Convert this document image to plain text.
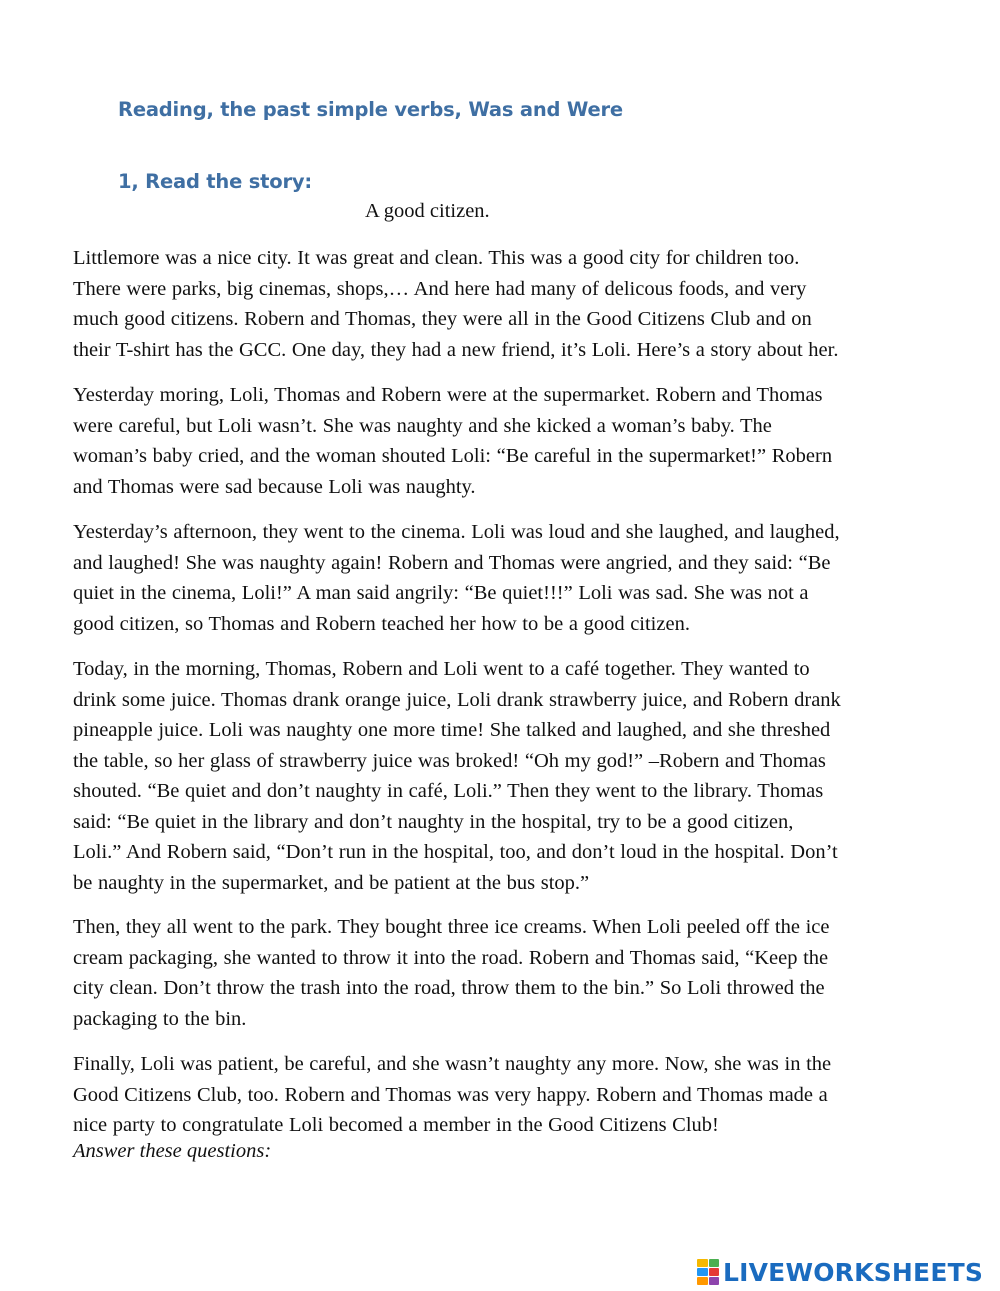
Reading, the past simple verbs, Was and Were
1, Read the story:

A good citizen.

Littlemore was a nice city. It was great and clean. This was a good city for children too.
There were parks, big cinemas, shops,… And here had many of delicous foods, and very
much good citizens. Robern and Thomas, they were all in the Good Citizens Club and on
their T-shirt has the GCC. One day, they had a new friend, it’s Loli. Here’s a story about her.

Yesterday moring, Loli, Thomas and Robern were at the supermarket. Robern and Thomas
were careful, but Loli wasn’t. She was naughty and she kicked a woman’s baby. The
woman’s baby cried, and the woman shouted Loli: “Be careful in the supermarket!” Robern
and Thomas were sad because Loli was naughty.

Yesterday’s afternoon, they went to the cinema. Loli was loud and she laughed, and laughed,
and laughed! She was naughty again! Robern and Thomas were angried, and they said: “Be
quiet in the cinema, Loli!” A man said angrily: “Be quiet!!!” Loli was sad. She was not a
good citizen, so Thomas and Robern teached her how to be a good citizen.

Today, in the morning, Thomas, Robern and Loli went to a café together. They wanted to
drink some juice. Thomas drank orange juice, Loli drank strawberry juice, and Robern drank
pineapple juice. Loli was naughty one more time! She talked and laughed, and she threshed
the table, so her glass of strawberry juice was broked! “Oh my god!” –Robern and Thomas
shouted. “Be quiet and don’t naughty in café, Loli.” Then they went to the library. Thomas
said: “Be quiet in the library and don’t naughty in the hospital, try to be a good citizen,
Loli.” And Robern said, “Don’t run in the hospital, too, and don’t loud in the hospital. Don’t
be naughty in the supermarket, and be patient at the bus stop.”

Then, they all went to the park. They bought three ice creams. When Loli peeled off the ice
cream packaging, she wanted to throw it into the road. Robern and Thomas said, “Keep the
city clean. Don’t throw the trash into the road, throw them to the bin.” So Loli throwed the
packaging to the bin.

Finally, Loli was patient, be careful, and she wasn’t naughty any more. Now, she was in the
Good Citizens Club, too. Robern and Thomas was very happy. Robern and Thomas made a
nice party to congratulate Loli becomed a member in the Good Citizens Club!

Answer these questions:

LIVEWORKSHEETS
